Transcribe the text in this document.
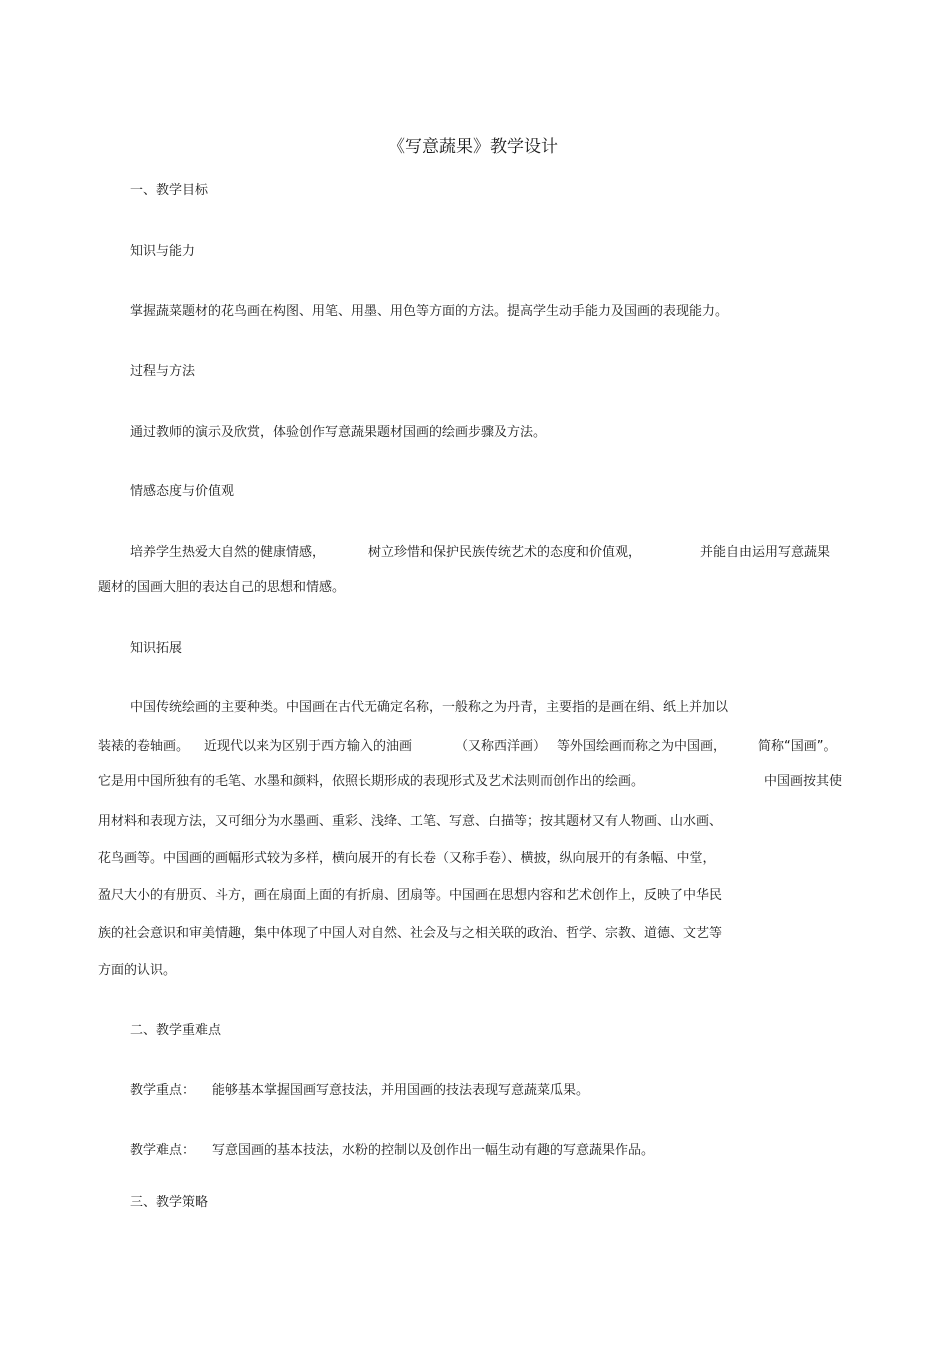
《写意蔬果》教学设计
一、教学目标
知识与能力
掌握蔬菜题材的花鸟画在构图、用笔、用墨、用色等方面的方法。提高学生动手能力及国画的表现能力。
过程与方法
通过教师的演示及欣赏，体验创作写意蔬果题材国画的绘画步骤及方法。
情感态度与价值观
培养学生热爱大自然的健康情感，	树立珍惜和保护民族传统艺术的态度和价值观，	并能自由运用写意蔬果
题材的国画大胆的表达自己的思想和情感。
知识拓展
中国传统绘画的主要种类。中国画在古代无确定名称，一般称之为丹青，主要指的是画在绢、纸上并加以
装裱的卷轴画。 近现代以来为区别于西方输入的油画	（又称西洋画） 等外国绘画而称之为中国画， 简称“国画”。
它是用中国所独有的毛笔、水墨和颜料，依照长期形成的表现形式及艺术法则而创作出的绘画。	中国画按其使
用材料和表现方法，又可细分为水墨画、重彩、浅绛、工笔、写意、白描等；按其题材又有人物画、山水画、
花鸟画等。中国画的画幅形式较为多样，横向展开的有长卷（又称手卷）、横披，纵向展开的有条幅、中堂，
盈尺大小的有册页、斗方，画在扇面上面的有折扇、团扇等。中国画在思想内容和艺术创作上，反映了中华民
族的社会意识和审美情趣，集中体现了中国人对自然、社会及与之相关联的政治、哲学、宗教、道德、文艺等
方面的认识。
二、教学重难点
教学重点： 能够基本掌握国画写意技法，并用国画的技法表现写意蔬菜瓜果。
教学难点： 写意国画的基本技法，水粉的控制以及创作出一幅生动有趣的写意蔬果作品。
三、教学策略
